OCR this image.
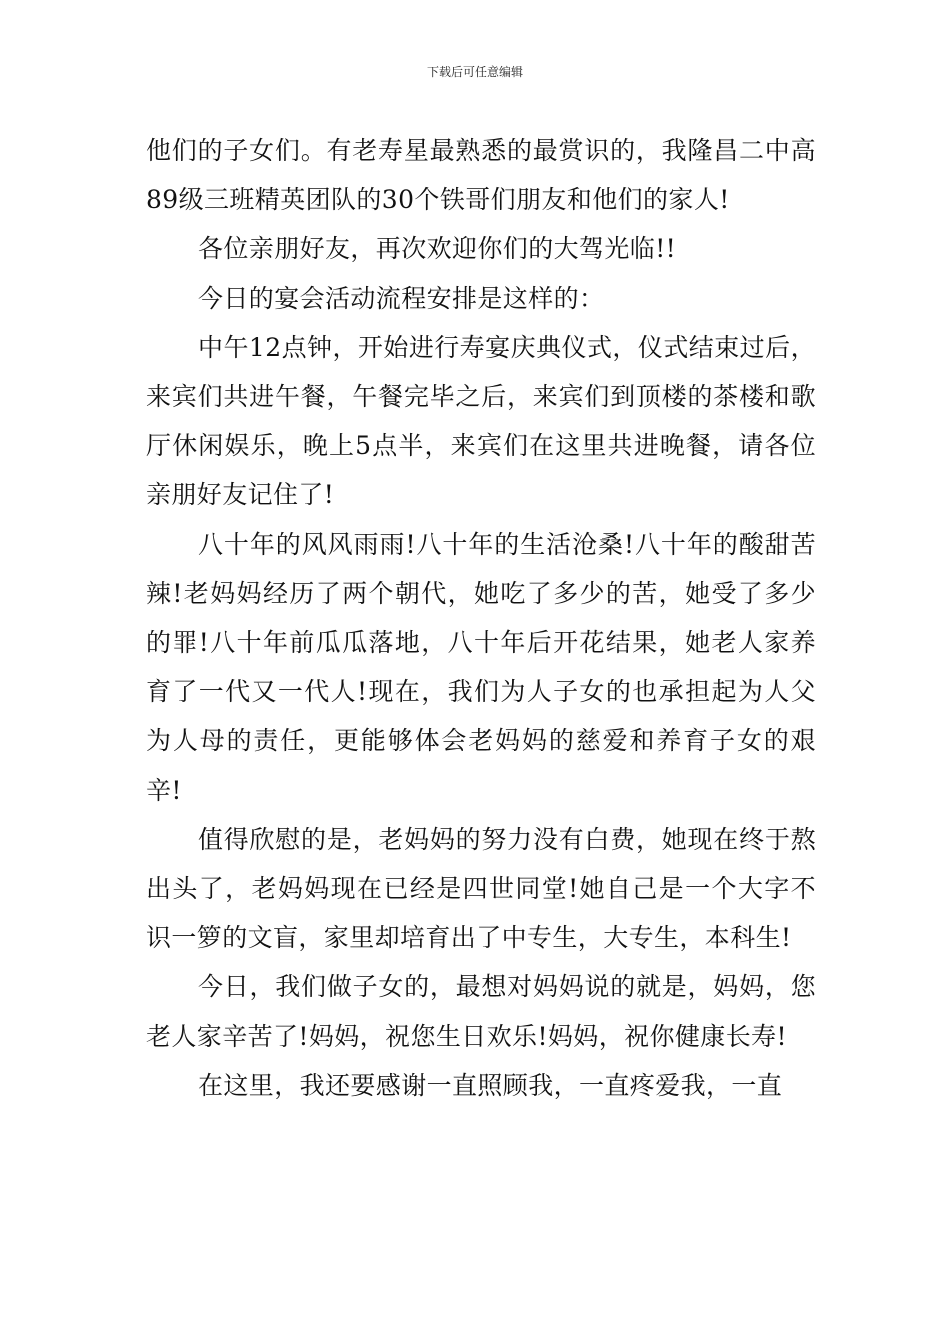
下载后可任意编辑

他们的子女们。有老寿星最熟悉的最赏识的，我隆昌二中高89级三班精英团队的30个铁哥们朋友和他们的家人!

各位亲朋好友，再次欢迎你们的大驾光临!!

今日的宴会活动流程安排是这样的：

中午12点钟，开始进行寿宴庆典仪式，仪式结束过后，来宾们共进午餐，午餐完毕之后，来宾们到顶楼的茶楼和歌厅休闲娱乐，晚上5点半，来宾们在这里共进晚餐，请各位亲朋好友记住了!

八十年的风风雨雨!八十年的生活沧桑!八十年的酸甜苦辣!老妈妈经历了两个朝代，她吃了多少的苦，她受了多少的罪!八十年前瓜瓜落地，八十年后开花结果，她老人家养育了一代又一代人!现在，我们为人子女的也承担起为人父为人母的责任，更能够体会老妈妈的慈爱和养育子女的艰辛!

值得欣慰的是，老妈妈的努力没有白费，她现在终于熬出头了，老妈妈现在已经是四世同堂!她自己是一个大字不识一箩的文盲，家里却培育出了中专生，大专生，本科生!

今日，我们做子女的，最想对妈妈说的就是，妈妈，您老人家辛苦了!妈妈，祝您生日欢乐!妈妈，祝你健康长寿!

在这里，我还要感谢一直照顾我，一直疼爱我，一直
